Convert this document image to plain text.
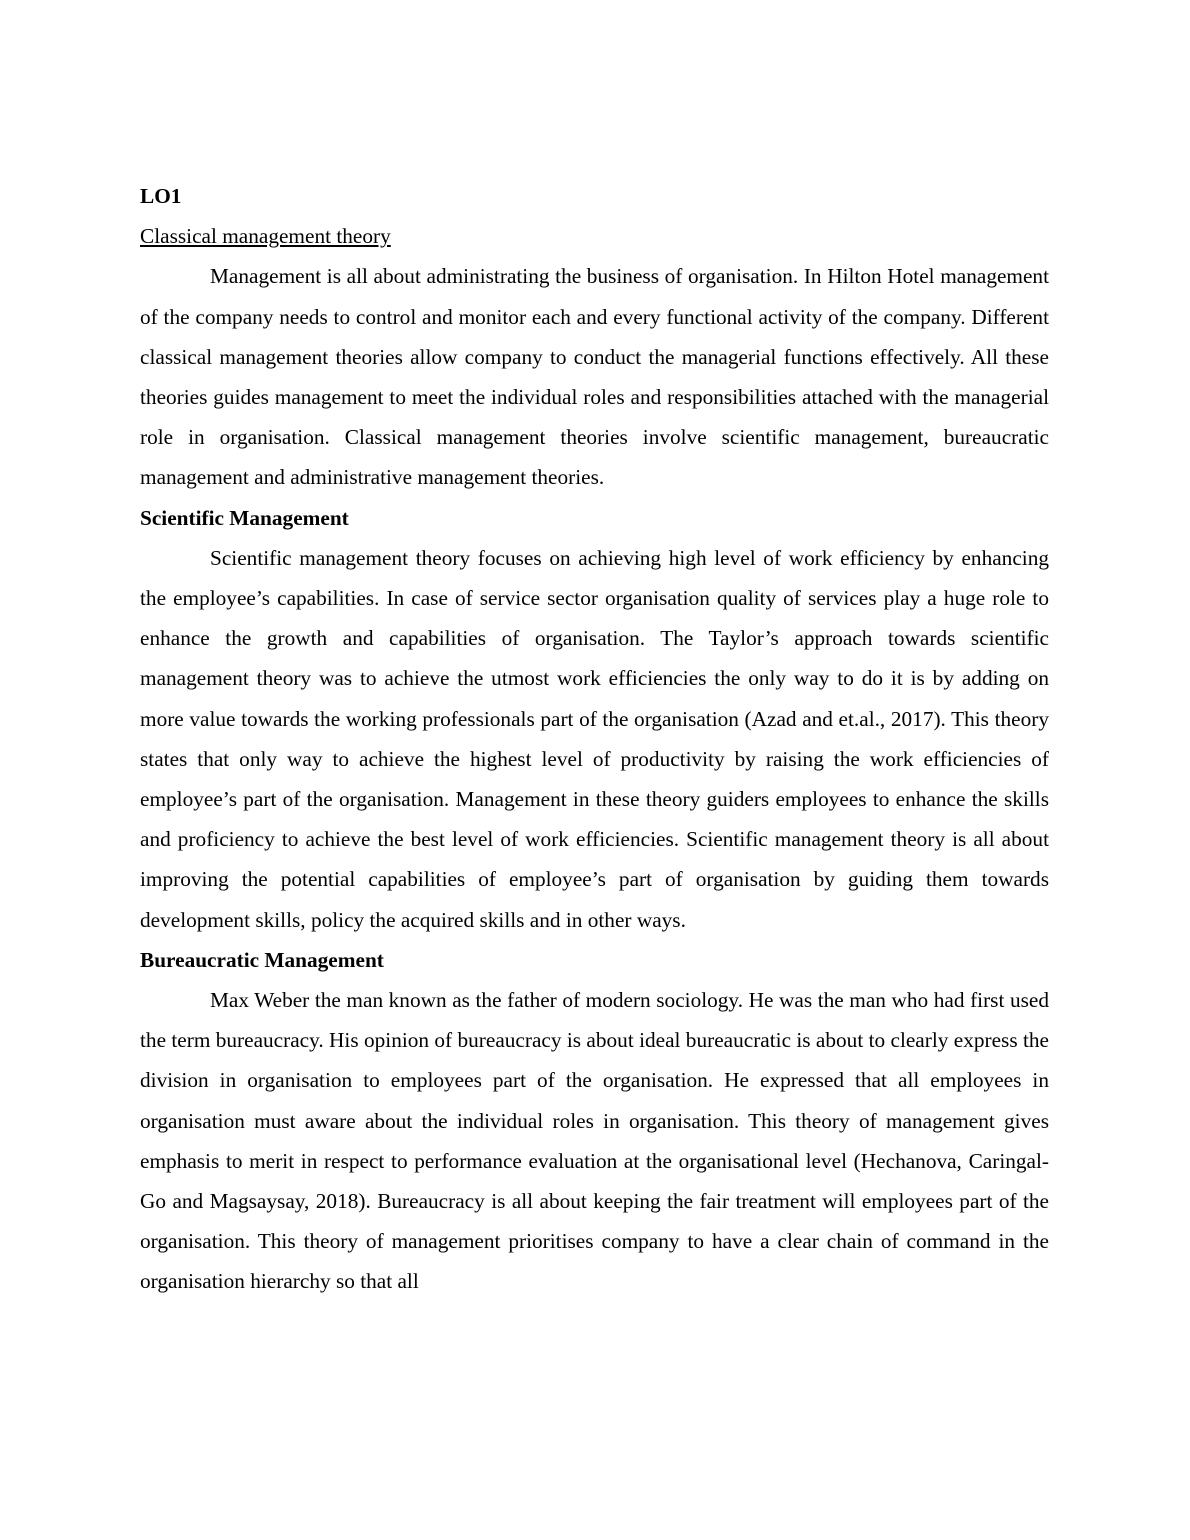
LO1

Classical management theory

Management is all about administrating the business of organisation. In Hilton Hotel management of the company needs to control and monitor each and every functional activity of the company. Different classical management theories allow company to conduct the managerial functions effectively. All these theories guides management to meet the individual roles and responsibilities attached with the managerial role in organisation. Classical management theories involve scientific management, bureaucratic management and administrative management theories.

Scientific Management

Scientific management theory focuses on achieving high level of work efficiency by enhancing the employee’s capabilities. In case of service sector organisation quality of services play a huge role to enhance the growth and capabilities of organisation. The Taylor’s approach towards scientific management theory was to achieve the utmost work efficiencies the only way to do it is by adding on more value towards the working professionals part of the organisation (Azad and et.al., 2017). This theory states that only way to achieve the highest level of productivity by raising the work efficiencies of employee’s part of the organisation. Management in these theory guiders employees to enhance the skills and proficiency to achieve the best level of work efficiencies. Scientific management theory is all about improving the potential capabilities of employee’s part of organisation by guiding them towards development skills, policy the acquired skills and in other ways.

Bureaucratic Management

Max Weber the man known as the father of modern sociology. He was the man who had first used the term bureaucracy. His opinion of bureaucracy is about ideal bureaucratic is about to clearly express the division in organisation to employees part of the organisation. He expressed that all employees in organisation must aware about the individual roles in organisation. This theory of management gives emphasis to merit in respect to performance evaluation at the organisational level (Hechanova, Caringal-Go and Magsaysay, 2018). Bureaucracy is all about keeping the fair treatment will employees part of the organisation. This theory of management prioritises company to have a clear chain of command in the organisation hierarchy so that all
